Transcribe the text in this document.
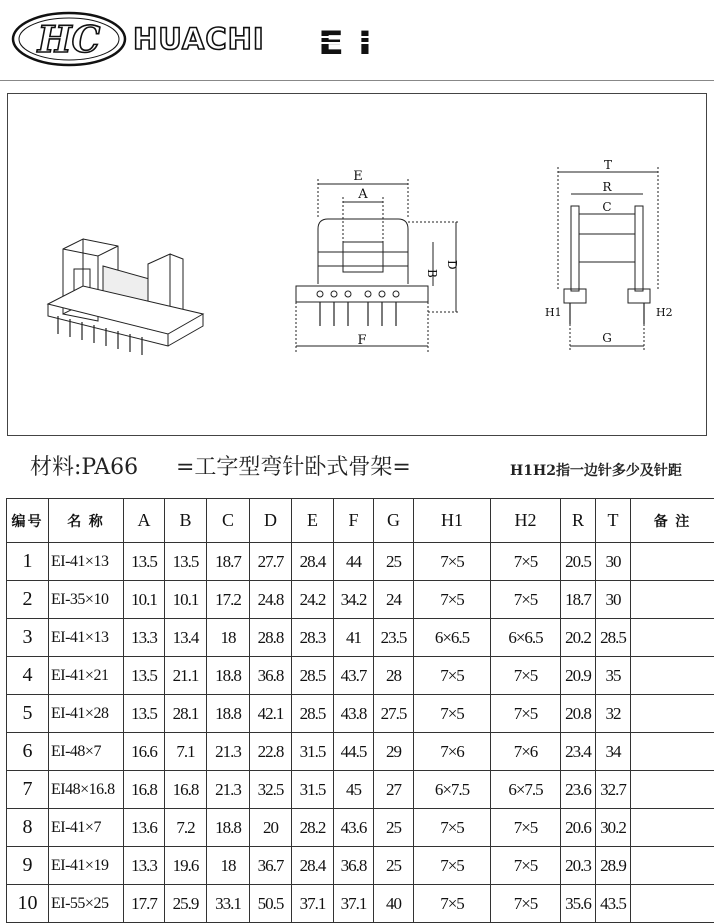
HC HUACHI EI
E
A
B
D
F
T
R
C
H1	H2
G
材料:PA66 =工字型弯针卧式骨架=	H1H2指一边针多少及针距
编号	名 称	A	B	C	D	E	F	G	H1	H2	R	T	备 注
1	EI-41×13	13.5	13.5	18.7	27.7	28.4	44	25	7×5	7×5	20.5	30	
2	EI-35×10	10.1	10.1	17.2	24.8	24.2	34.2	24	7×5	7×5	18.7	30	
3	EI-41×13	13.3	13.4	18	28.8	28.3	41	23.5	6×6.5	6×6.5	20.2	28.5	
4	EI-41×21	13.5	21.1	18.8	36.8	28.5	43.7	28	7×5	7×5	20.9	35	
5	EI-41×28	13.5	28.1	18.8	42.1	28.5	43.8	27.5	7×5	7×5	20.8	32	
6	EI-48×7	16.6	7.1	21.3	22.8	31.5	44.5	29	7×6	7×6	23.4	34	
7	EI48×16.8	16.8	16.8	21.3	32.5	31.5	45	27	6×7.5	6×7.5	23.6	32.7	
8	EI-41×7	13.6	7.2	18.8	20	28.2	43.6	25	7×5	7×5	20.6	30.2	
9	EI-41×19	13.3	19.6	18	36.7	28.4	36.8	25	7×5	7×5	20.3	28.9	
10	EI-55×25	17.7	25.9	33.1	50.5	37.1	37.1	40	7×5	7×5	35.6	43.5	
